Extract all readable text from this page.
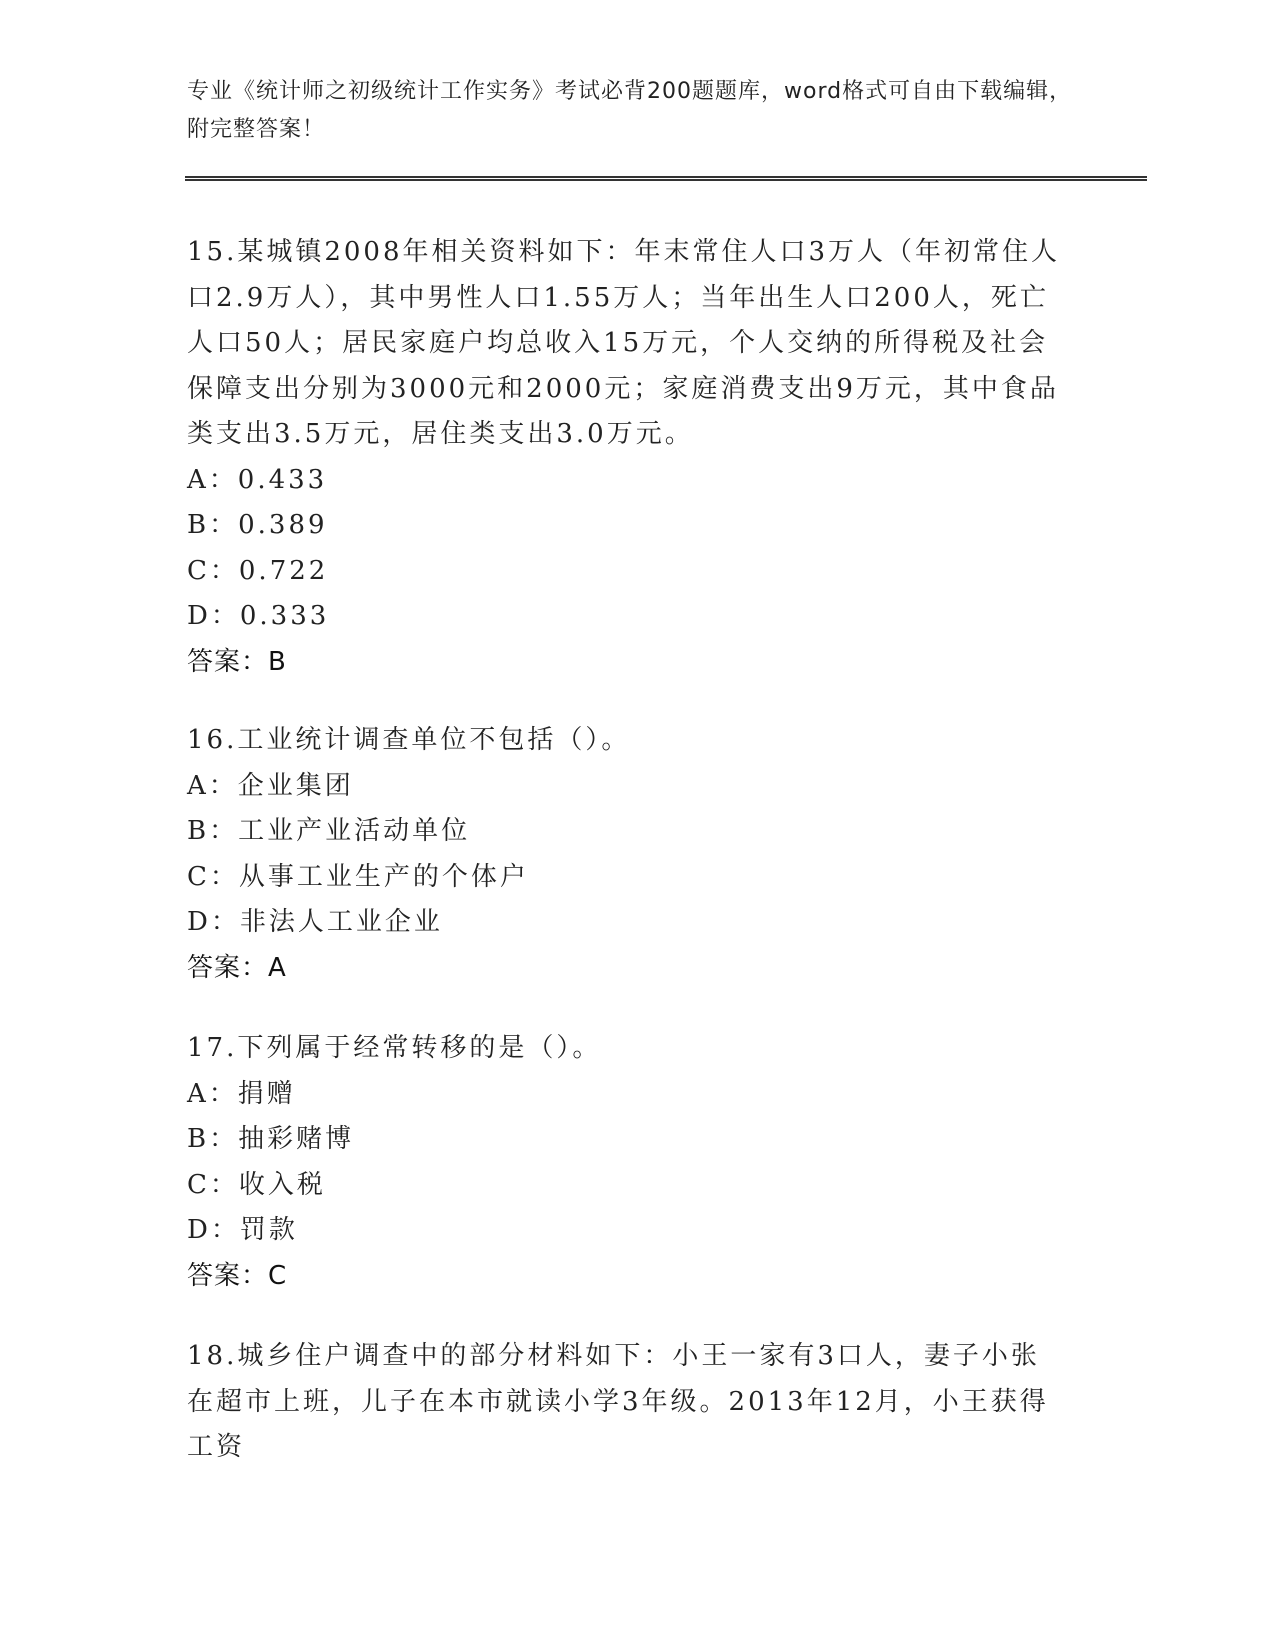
专业《统计师之初级统计工作实务》考试必背200题题库，word格式可自由下载编辑，附完整答案！

15.某城镇2008年相关资料如下：年末常住人口3万人（年初常住人口2.9万人），其中男性人口1.55万人；当年出生人口200人，死亡人口50人；居民家庭户均总收入15万元，个人交纳的所得税及社会保障支出分别为3000元和2000元；家庭消费支出9万元，其中食品类支出3.5万元，居住类支出3.0万元。

A：0.433

B：0.389

C：0.722

D：0.333

答案：B

16.工业统计调查单位不包括（）。

A：企业集团

B：工业产业活动单位

C：从事工业生产的个体户

D：非法人工业企业

答案：A

17.下列属于经常转移的是（）。

A：捐赠

B：抽彩赌博

C：收入税

D：罚款

答案：C

18.城乡住户调查中的部分材料如下：小王一家有3口人，妻子小张在超市上班，儿子在本市就读小学3年级。2013年12月，小王获得工资
